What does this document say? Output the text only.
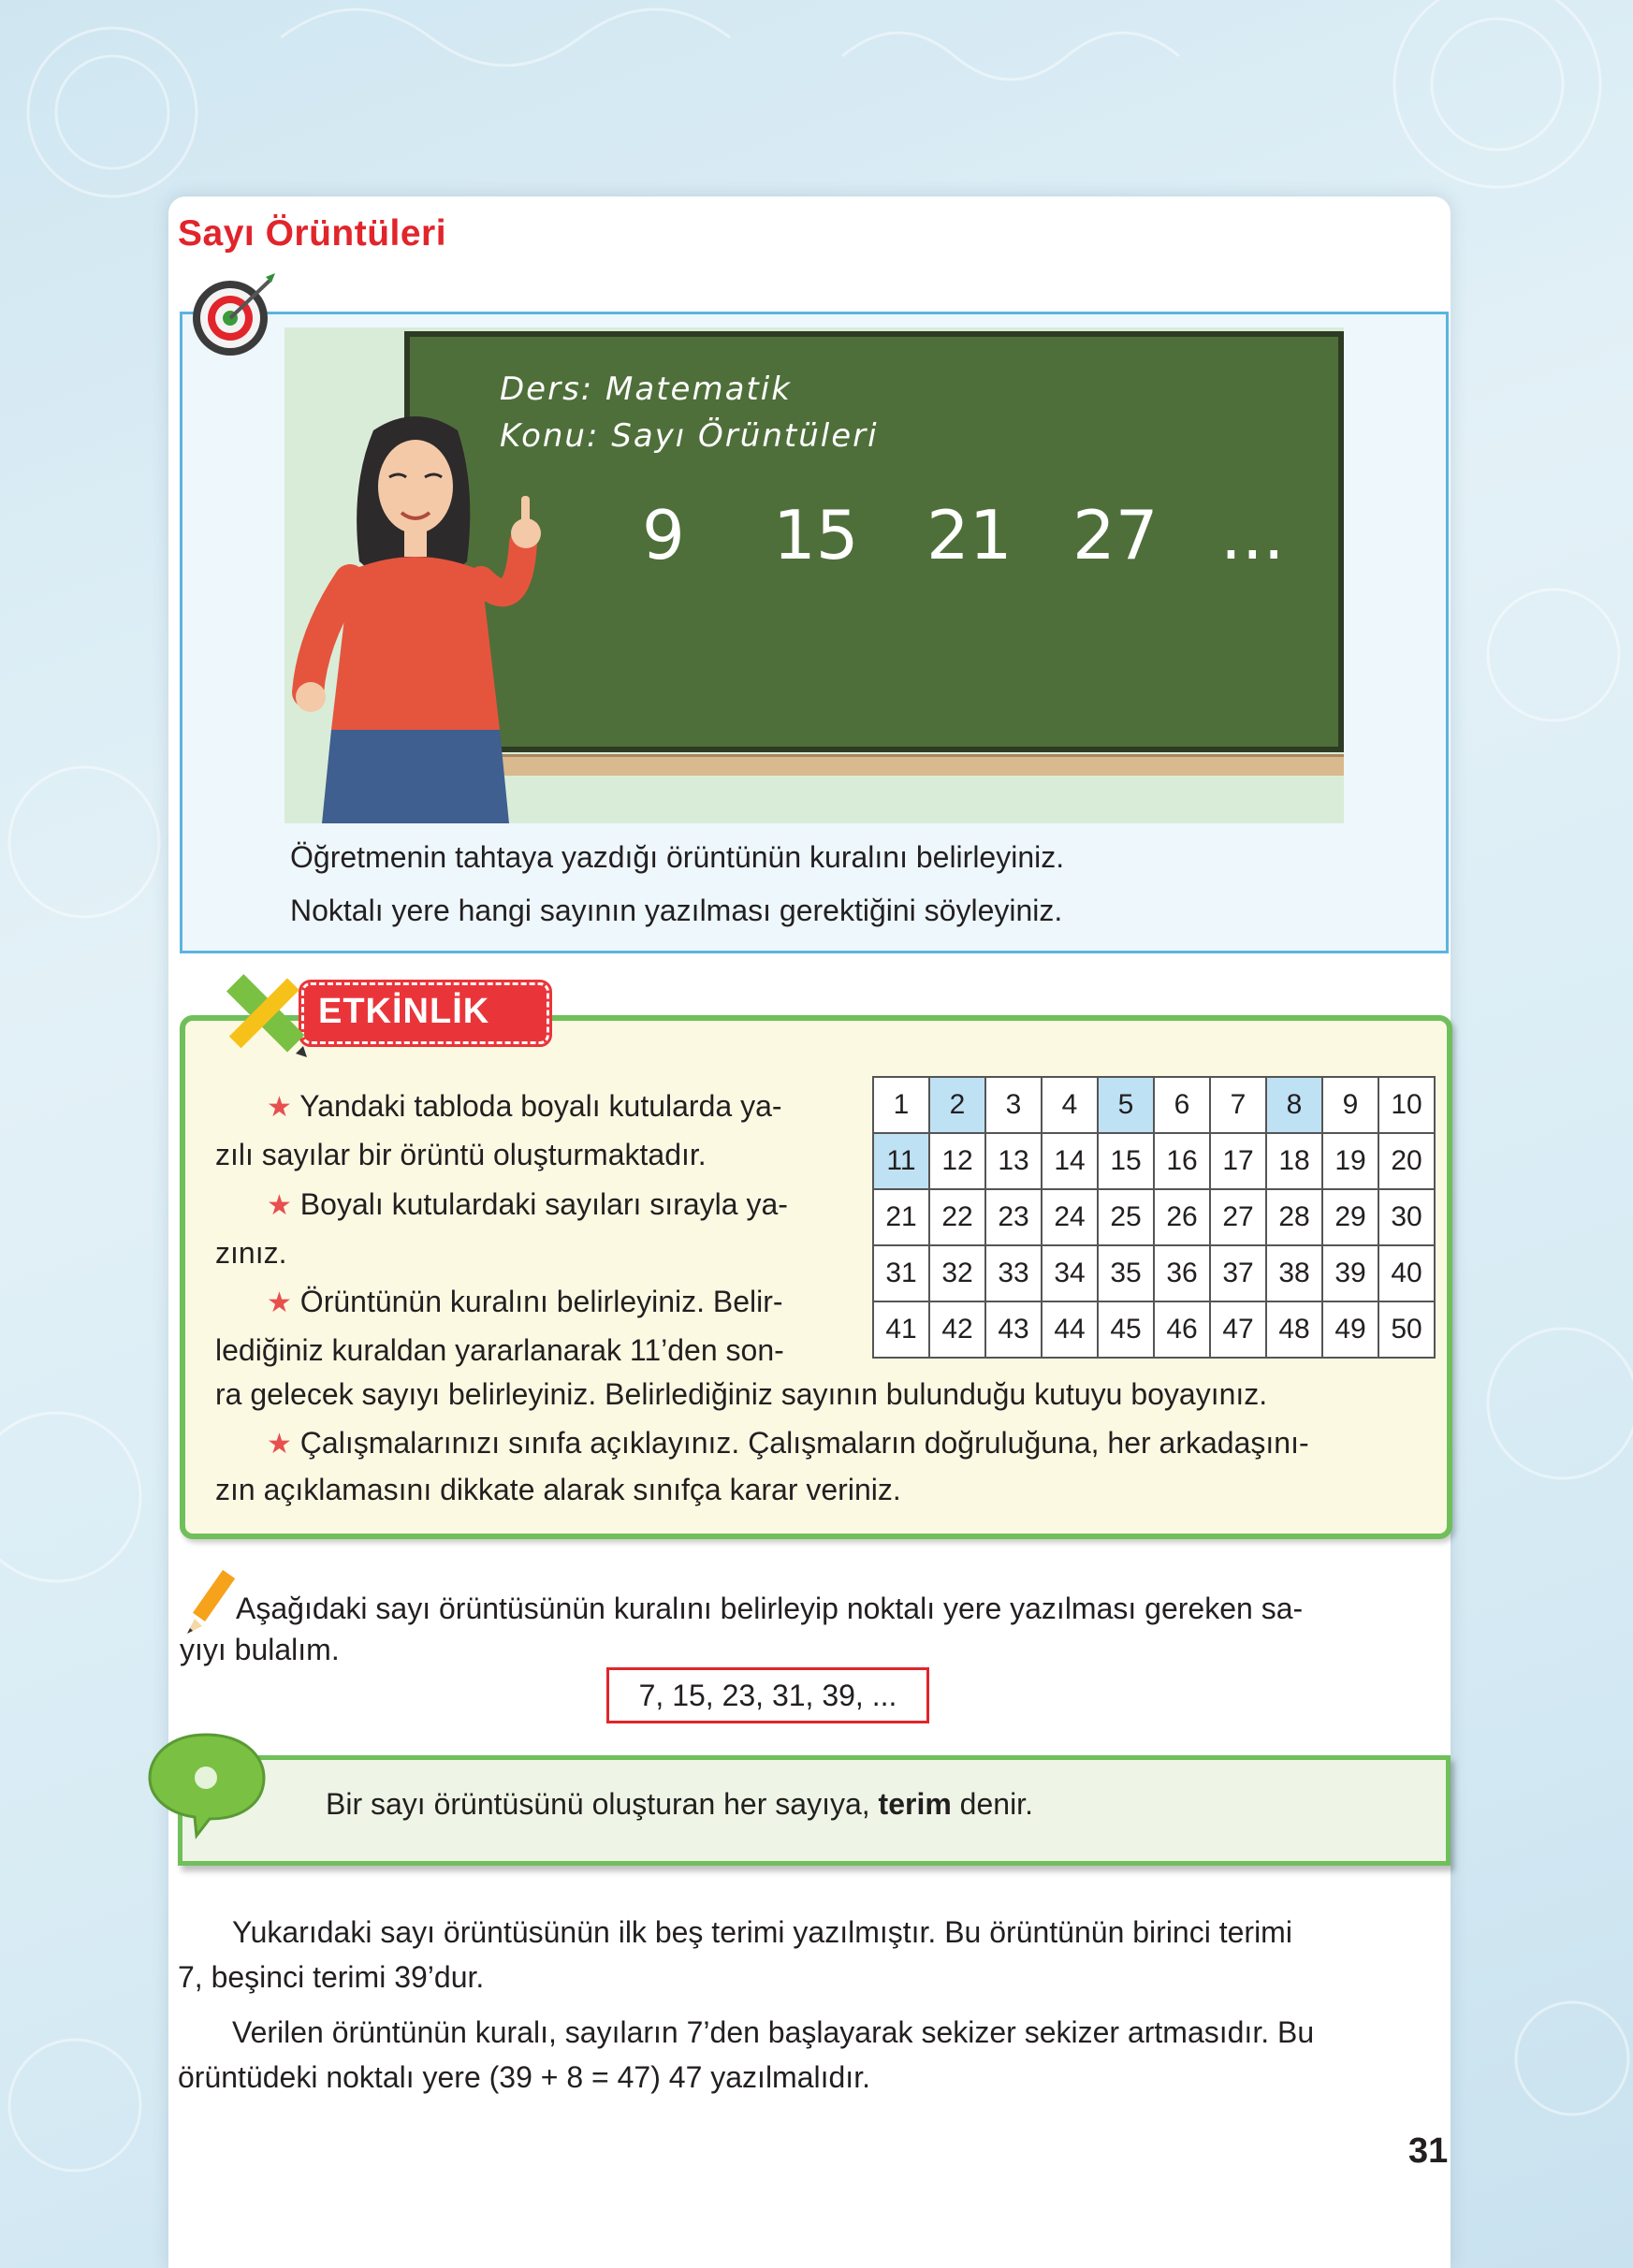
Sayı Örüntüleri
Ders: Matematik
Konu: Sayı Örüntüleri
9 15 21 27 ...
Öğretmenin tahtaya yazdığı örüntünün kuralını belirleyiniz.
Noktalı yere hangi sayının yazılması gerektiğini söyleyiniz.
ETKİNLİK
★ Yandaki tabloda boyalı kutularda ya-
zılı sayılar bir örüntü oluşturmaktadır.
★ Boyalı kutulardaki sayıları sırayla ya-
zınız.
★ Örüntünün kuralını belirleyiniz. Belir-
lediğiniz kuraldan yararlanarak 11’den son-
ra gelecek sayıyı belirleyiniz. Belirlediğiniz sayının bulunduğu kutuyu boyayınız.
★ Çalışmalarınızı sınıfa açıklayınız. Çalışmaların doğruluğuna, her arkadaşını-
zın açıklamasını dikkate alarak sınıfça karar veriniz.
1	2	3	4	5	6	7	8	9	10
11	12	13	14	15	16	17	18	19	20
21	22	23	24	25	26	27	28	29	30
31	32	33	34	35	36	37	38	39	40
41	42	43	44	45	46	47	48	49	50
Aşağıdaki sayı örüntüsünün kuralını belirleyip noktalı yere yazılması gereken sa-
yıyı bulalım.
7, 15, 23, 31, 39, ...
Bir sayı örüntüsünü oluşturan her sayıya, terim denir.
Yukarıdaki sayı örüntüsünün ilk beş terimi yazılmıştır. Bu örüntünün birinci terimi
7, beşinci terimi 39’dur.
Verilen örüntünün kuralı, sayıların 7’den başlayarak sekizer sekizer artmasıdır. Bu
örüntüdeki noktalı yere (39 + 8 = 47) 47 yazılmalıdır.
31
